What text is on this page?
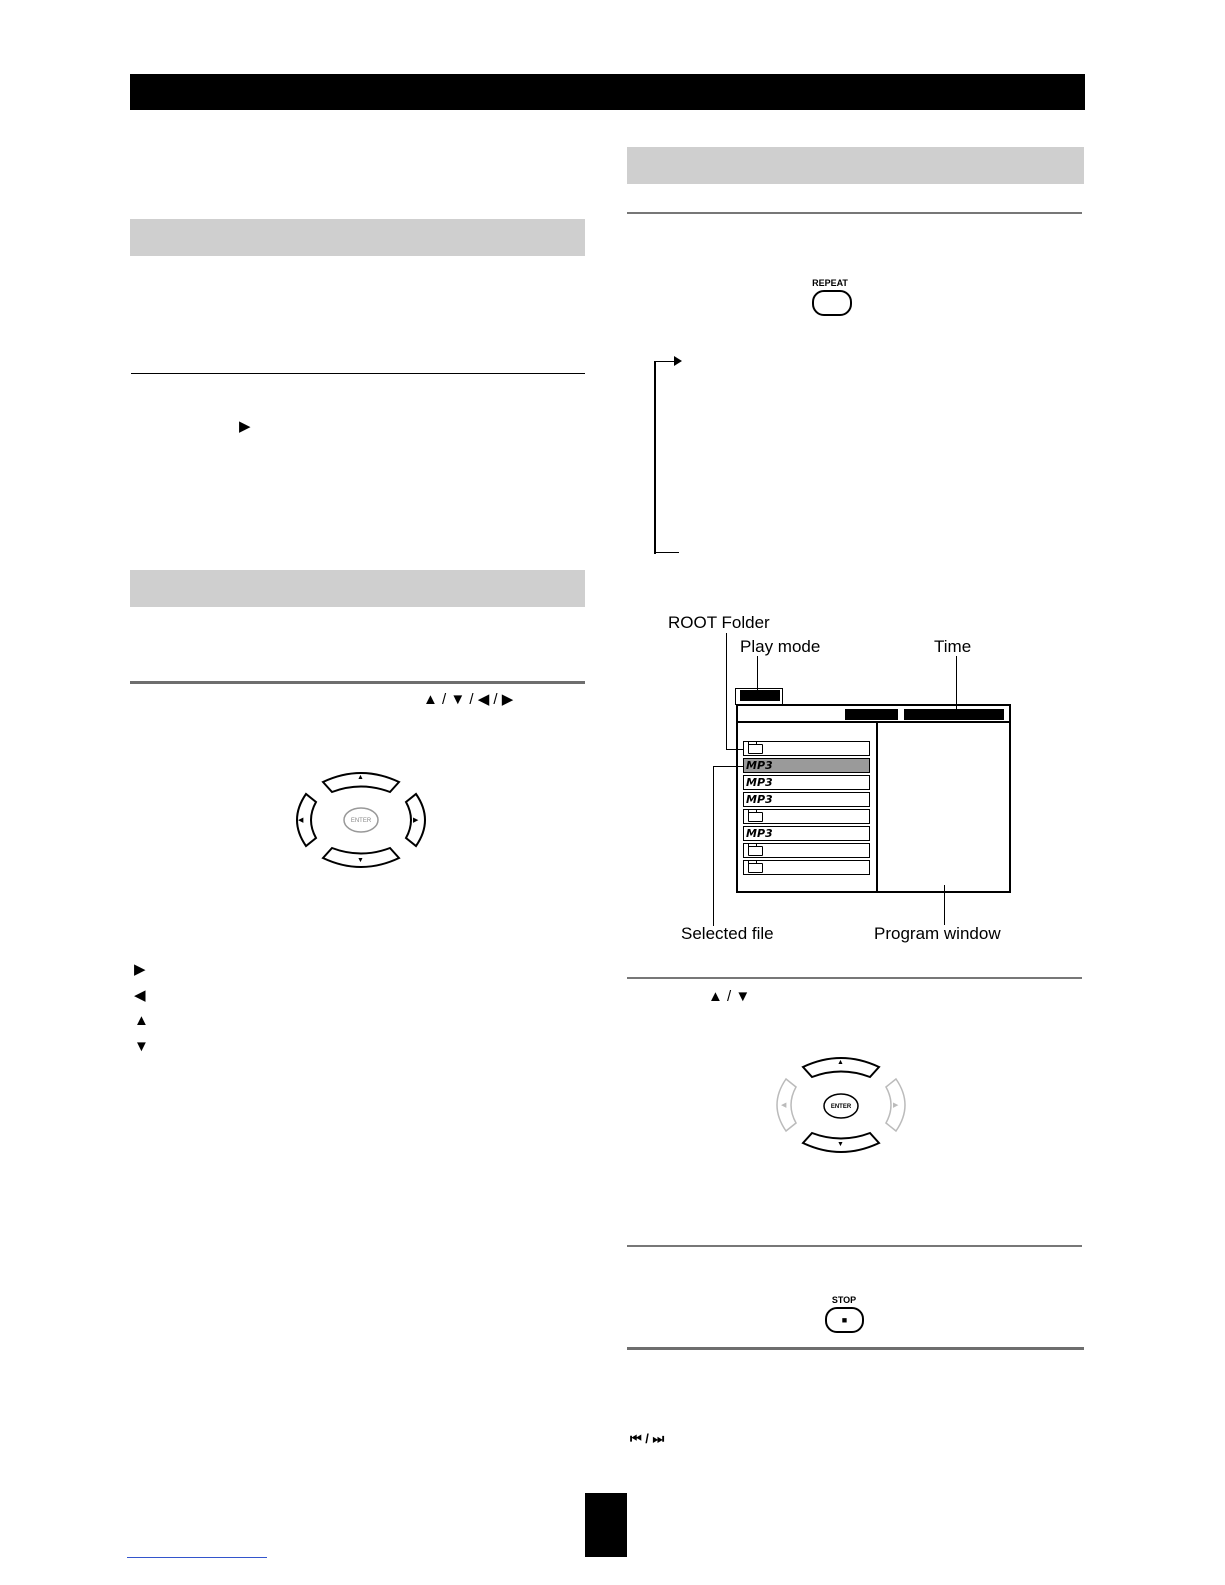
▶
▲ / ▼ / ◀ / ▶
ENTER
▲
▼
◀	▶
▶
◀
▲
▼
REPEAT
ROOT Folder
Play mode	Time
MP3
MP3
MP3
MP3
Selected file	Program window
▲ / ▼
ENTER
▲
▼
◀	▶
STOP
■
⏮ / ⏭
